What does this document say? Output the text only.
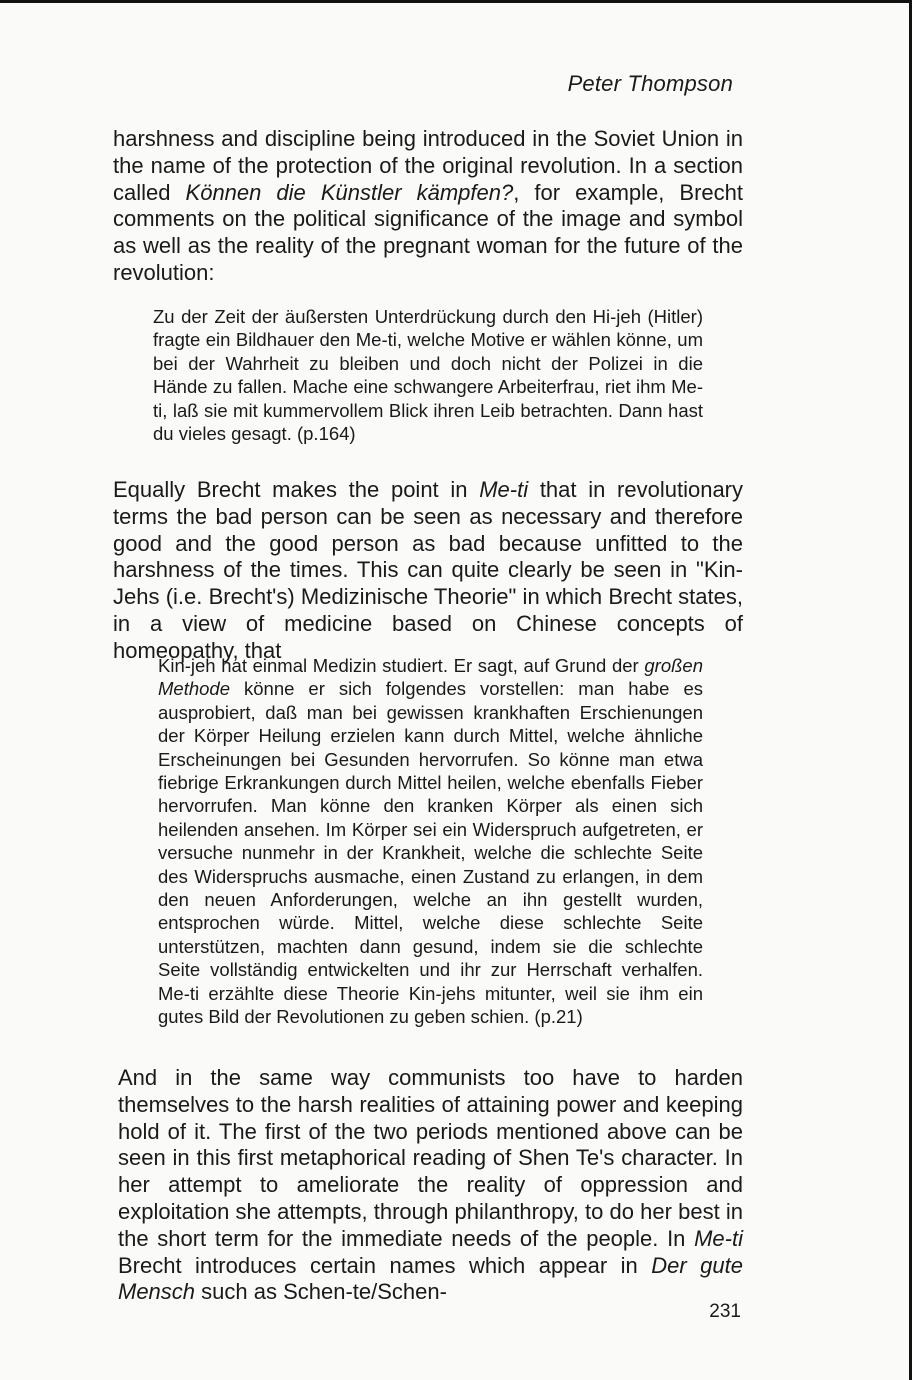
Peter Thompson

harshness and discipline being introduced in the Soviet Union in the name of the protection of the original revolution. In a section called Können die Künstler kämpfen?, for example, Brecht comments on the political significance of the image and symbol as well as the reality of the pregnant woman for the future of the revolution:

Zu der Zeit der äußersten Unterdrückung durch den Hi-jeh (Hitler) fragte ein Bildhauer den Me-ti, welche Motive er wählen könne, um bei der Wahrheit zu bleiben und doch nicht der Polizei in die Hände zu fallen. Mache eine schwangere Arbeiterfrau, riet ihm Me-ti, laß sie mit kummervollem Blick ihren Leib betrachten. Dann hast du vieles gesagt. (p.164)

Equally Brecht makes the point in Me-ti that in revolutionary terms the bad person can be seen as necessary and therefore good and the good person as bad because unfitted to the harshness of the times. This can quite clearly be seen in "Kin-Jehs (i.e. Brecht's) Medizinische Theorie" in which Brecht states, in a view of medicine based on Chinese concepts of homeopathy, that

Kin-jeh hat einmal Medizin studiert. Er sagt, auf Grund der großen Methode könne er sich folgendes vorstellen: man habe es ausprobiert, daß man bei gewissen krankhaften Erschienungen der Körper Heilung erzielen kann durch Mittel, welche ähnliche Erscheinungen bei Gesunden hervorrufen. So könne man etwa fiebrige Erkrankungen durch Mittel heilen, welche ebenfalls Fieber hervorrufen. Man könne den kranken Körper als einen sich heilenden ansehen. Im Körper sei ein Widerspruch aufgetreten, er versuche nunmehr in der Krankheit, welche die schlechte Seite des Widerspruchs ausmache, einen Zustand zu erlangen, in dem den neuen Anforderungen, welche an ihn gestellt wurden, entsprochen würde. Mittel, welche diese schlechte Seite unterstützen, machten dann gesund, indem sie die schlechte Seite vollständig entwickelten und ihr zur Herrschaft verhalfen. Me-ti erzählte diese Theorie Kin-jehs mitunter, weil sie ihm ein gutes Bild der Revolutionen zu geben schien. (p.21)

And in the same way communists too have to harden themselves to the harsh realities of attaining power and keeping hold of it. The first of the two periods mentioned above can be seen in this first metaphorical reading of Shen Te's character. In her attempt to ameliorate the reality of oppression and exploitation she attempts, through philanthropy, to do her best in the short term for the immediate needs of the people. In Me-ti Brecht introduces certain names which appear in Der gute Mensch such as Schen-te/Schen-

231
